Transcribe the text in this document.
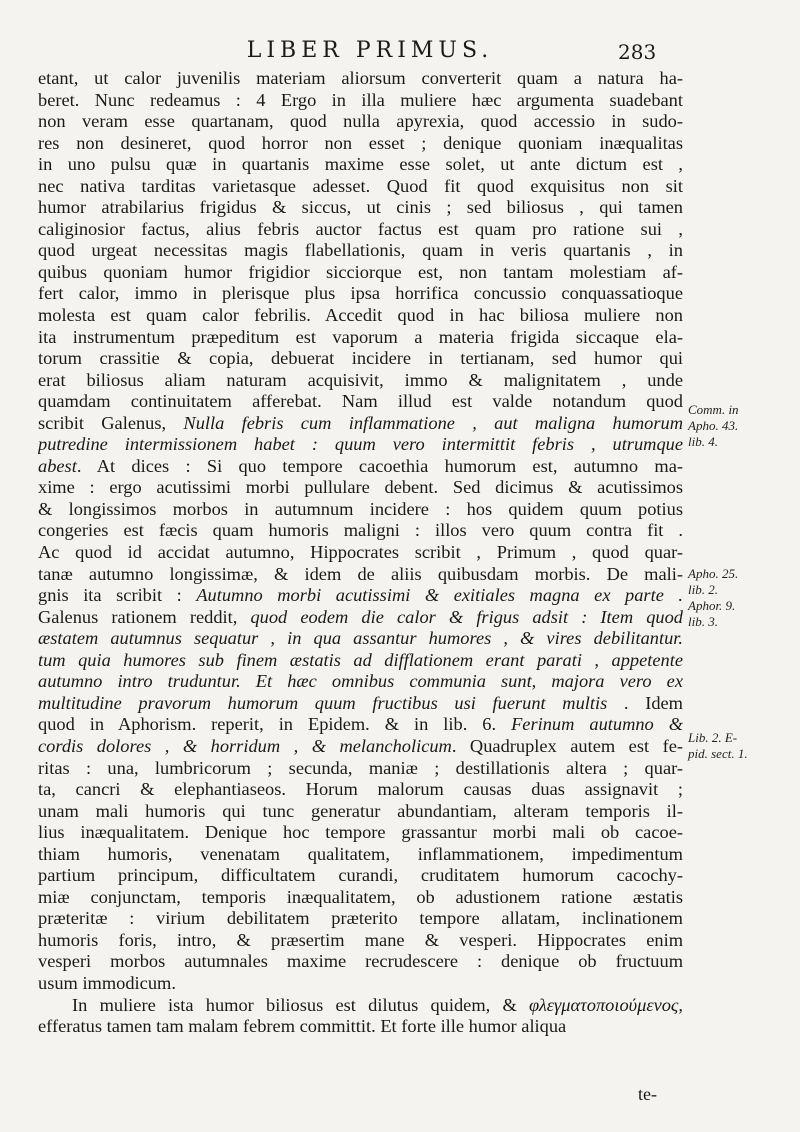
LIBER PRIMUS.	283
etant, ut calor juvenilis materiam aliorsum converterit quam a natura ha-
beret. Nunc redeamus : 4 Ergo in illa muliere hæc argumenta suadebant
non veram esse quartanam, quod nulla apyrexia, quod accessio in sudo-
res non desineret, quod horror non esset ; denique quoniam inæqualitas
in uno pulsu quæ in quartanis maxime esse solet, ut ante dictum est ,
nec nativa tarditas varietasque adesset. Quod fit quod exquisitus non sit
humor atrabilarius frigidus & siccus, ut cinis ; sed biliosus , qui tamen
caliginosior factus, alius febris auctor factus est quam pro ratione sui ,
quod urgeat necessitas magis flabellationis, quam in veris quartanis , in
quibus quoniam humor frigidior sicciorque est, non tantam molestiam af-
fert calor, immo in plerisque plus ipsa horrifica concussio conquassatioque
molesta est quam calor febrilis. Accedit quod in hac biliosa muliere non
ita instrumentum præpeditum est vaporum a materia frigida siccaque ela-
torum crassitie & copia, debuerat incidere in tertianam, sed humor qui
erat biliosus aliam naturam acquisivit, immo & malignitatem , unde
quamdam continuitatem afferebat. Nam illud est valde notandum quod
scribit Galenus, Nulla febris cum inflammatione , aut maligna humorum
putredine intermissionem habet : quum vero intermittit febris , utrumque
abest. At dices : Si quo tempore cacoethia humorum est, autumno ma-
xime : ergo acutissimi morbi pullulare debent. Sed dicimus & acutissimos
& longissimos morbos in autumnum incidere : hos quidem quum potius
congeries est fæcis quam humoris maligni : illos vero quum contra fit .
Ac quod id accidat autumno, Hippocrates scribit , Primum , quod quar-
tanæ autumno longissimæ, & idem de aliis quibusdam morbis. De mali-
gnis ita scribit : Autumno morbi acutissimi & exitiales magna ex parte .
Galenus rationem reddit, quod eodem die calor & frigus adsit : Item quod
æstatem autumnus sequatur , in qua assantur humores , & vires debilitantur.
tum quia humores sub finem æstatis ad difflationem erant parati , appetente
autumno intro truduntur. Et hæc omnibus communia sunt, majora vero ex
multitudine pravorum humorum quum fructibus usi fuerunt multis . Idem
quod in Aphorism. reperit, in Epidem. & in lib. 6. Ferinum autumno &
cordis dolores , & horridum , & melancholicum. Quadruplex autem est fe-
ritas : una, lumbricorum ; secunda, maniæ ; destillationis altera ; quar-
ta, cancri & elephantiaseos. Horum malorum causas duas assignavit ;
unam mali humoris qui tunc generatur abundantiam, alteram temporis il-
lius inæqualitatem. Denique hoc tempore grassantur morbi mali ob cacoe-
thiam humoris, venenatam qualitatem, inflammationem, impedimentum
partium principum, difficultatem curandi, cruditatem humorum cacochy-
miæ conjunctam, temporis inæqualitatem, ob adustionem ratione æstatis
præteritæ : virium debilitatem præterito tempore allatam, inclinationem
humoris foris, intro, & præsertim mane & vesperi. Hippocrates enim
vesperi morbos autumnales maxime recrudescere : denique ob fructuum
usum immodicum.
In muliere ista humor biliosus est dilutus quidem, & φλεγματοποιούμενος,
efferatus tamen tam malam febrem committit. Et forte ille humor aliqua
Comm. in
Apho. 43.
lib. 4.
Apho. 25.
lib. 2.
Aphor. 9.
lib. 3.
Lib. 2. E-
pid. sect. 1.
te-
